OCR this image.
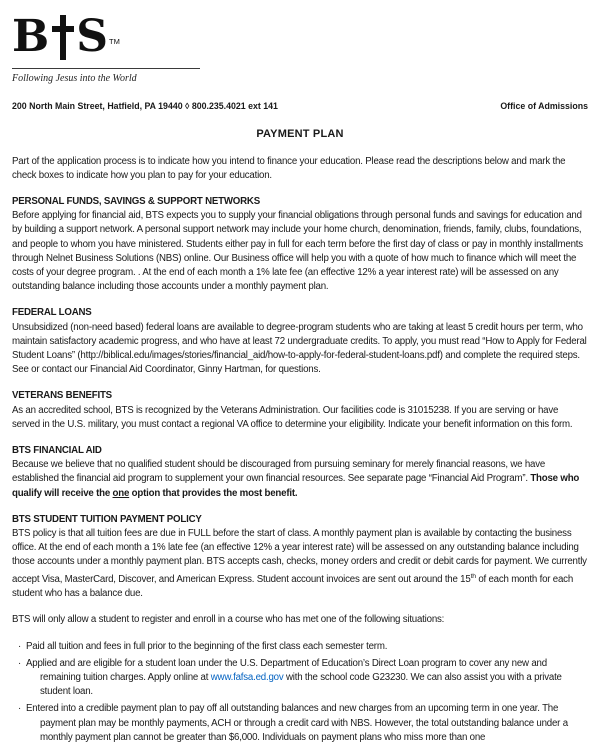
B S TM
Following Jesus into the World
200 North Main Street, Hatfield, PA 19440 ◊ 800.235.4021 ext 141	Office of Admissions
PAYMENT PLAN

Part of the application process is to indicate how you intend to finance your education. Please read the descriptions below and mark the check boxes to indicate how you plan to pay for your education.

PERSONAL FUNDS, SAVINGS & SUPPORT NETWORKS

Before applying for financial aid, BTS expects you to supply your financial obligations through personal funds and savings for education and by building a support network. A personal support network may include your home church, denomination, friends, family, clubs, foundations, and people to whom you have ministered. Students either pay in full for each term before the first day of class or pay in monthly installments through Nelnet Business Solutions (NBS) online. Our Business office will help you with a quote of how much to finance which will meet the costs of your degree program. . At the end of each month a 1% late fee (an effective 12% a year interest rate) will be assessed on any outstanding balance including those accounts under a monthly payment plan.

FEDERAL LOANS

Unsubsidized (non-need based) federal loans are available to degree-program students who are taking at least 5 credit hours per term, who maintain satisfactory academic progress, and who have at least 72 undergraduate credits. To apply, you must read “How to Apply for Federal Student Loans” (http://biblical.edu/images/stories/financial_aid/how-to-apply-for-federal-student-loans.pdf) and complete the required steps. See or contact our Financial Aid Coordinator, Ginny Hartman, for questions.

VETERANS BENEFITS

As an accredited school, BTS is recognized by the Veterans Administration. Our facilities code is 31015238. If you are serving or have served in the U.S. military, you must contact a regional VA office to determine your eligibility. Indicate your benefit information on this form.

BTS FINANCIAL AID

Because we believe that no qualified student should be discouraged from pursuing seminary for merely financial reasons, we have established the financial aid program to supplement your own financial resources. See separate page “Financial Aid Program”. Those who qualify will receive the one option that provides the most benefit.

BTS STUDENT TUITION PAYMENT POLICY

BTS policy is that all tuition fees are due in FULL before the start of class. A monthly payment plan is available by contacting the business office. At the end of each month a 1% late fee (an effective 12% a year interest rate) will be assessed on any outstanding balance including those accounts under a monthly payment plan. BTS accepts cash, checks, money orders and credit or debit cards for payment. We currently accept Visa, MasterCard, Discover, and American Express. Student account invoices are sent out around the 15th of each month for each student who has a balance due.

BTS will only allow a student to register and enroll in a course who has met one of the following situations:

· Paid all tuition and fees in full prior to the beginning of the first class each semester term.
· Applied and are eligible for a student loan under the U.S. Department of Education’s Direct Loan program to cover any new and remaining tuition charges. Apply online at www.fafsa.ed.gov with the school code G23230. We can also assist you with a private student loan.
· Entered into a credible payment plan to pay off all outstanding balances and new charges from an upcoming term in one year. The payment plan may be monthly payments, ACH or through a credit card with NBS. However, the total outstanding balance under a monthly payment plan cannot be greater than $6,000. Individuals on payment plans who miss more than one
